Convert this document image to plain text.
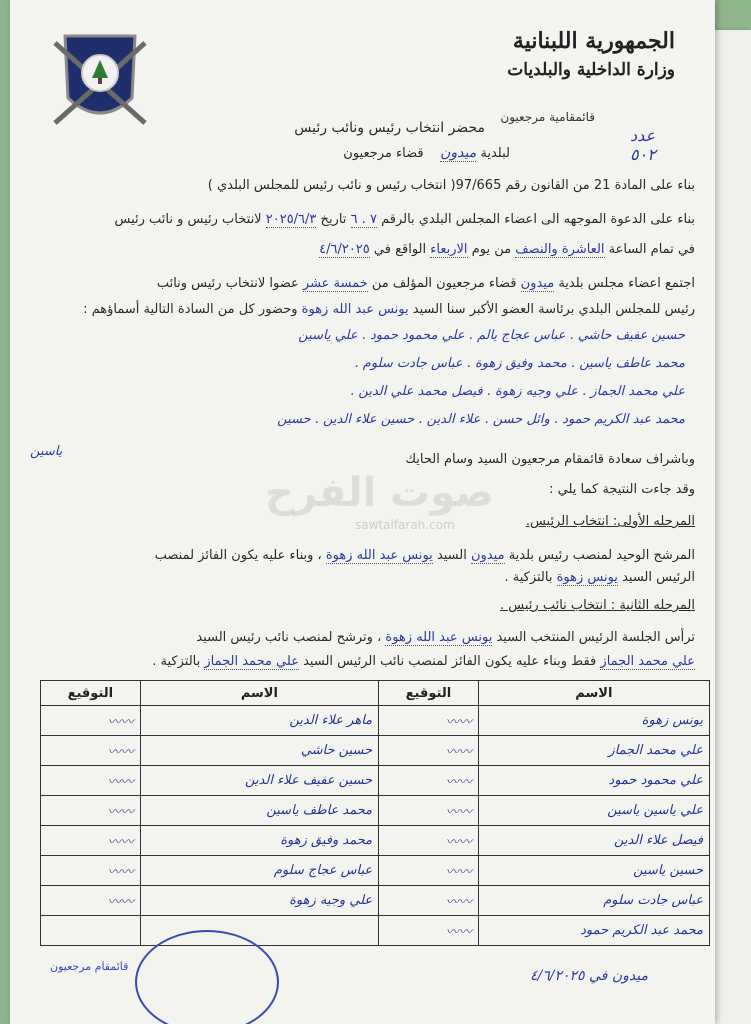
الجمهورية اللبنانية
وزارة الداخلية والبلديات
قائمقامية مرجعيون
عدد
٥٠٢
محضر انتخاب رئيس ونائب رئيس
لبلدية ميدون    قضاء مرجعيون
بناء على المادة 21 من القانون رقم 97/665( انتخاب رئيس و نائب رئيس للمجلس البلدي )
بناء على الدعوة الموجهه الى اعضاء المجلس البلدي بالرقم ٧ . ٦ تاريخ ٢٠٢٥/٦/٣ لانتخاب رئيس و نائب رئيس
في تمام الساعة العاشرة والنصف من يوم الاربعاء الواقع في ٤/٦/٢٠٢٥
اجتمع اعضاء مجلس بلدية ميدون قضاء مرجعيون المؤلف من خمسة عشر عضوا لانتخاب رئيس ونائب
رئيس للمجلس البلدي برئاسة العضو الأكبر سنا السيد يونس عبد الله زهوة وحضور كل من السادة التالية أسماؤهم :
حسين عفيف حاشي . عباس عجاج يالم . علي محمود حمود . علي ياسين
محمد عاطف ياسين . محمد وفيق زهوة . عباس جادت سلوم .
علي محمد الجماز . علي وجيه زهوة . فيصل محمد علي الدين .
محمد عبد الكريم حمود . وائل حسن . علاء الدين . حسين علاء الدين . حسين
ياسين
وباشراف سعادة قائمقام مرجعيون السيد وسام الحايك
وقد جاءت النتيجة كما يلي :
صوت الفرح
sawtalfarah.com	المرحله الأولى: انتخاب الرئيس.
المرشح الوحيد لمنصب رئيس بلدية ميدون السيد يونس عبد الله زهوة ، وبناء عليه يكون الفائز لمنصب
الرئيس السيد يونس زهوة بالتزكية .
المرحله الثانية : انتخاب نائب رئيس .
ترأس الجلسة الرئيس المنتخب السيد يونس عبد الله زهوة ، وترشح لمنصب نائب رئيس السيد
علي محمد الجماز فقط وبناء عليه يكون الفائز لمنصب نائب الرئيس السيد علي محمد الجماز بالتزكية .
الاسم	التوقيع	الاسم	التوقيع
يونس زهوة	〰〰	ماهر علاء الدين	〰〰
علي محمد الجماز	〰〰	حسين حاشي	〰〰
علي محمود حمود	〰〰	حسين عفيف علاء الدين	〰〰
علي ياسين ياسين	〰〰	محمد عاطف ياسين	〰〰
فيصل علاء الدين	〰〰	محمد وفيق زهوة	〰〰
حسين ياسين	〰〰	عباس عجاج سلوم	〰〰
عباس جادت سلوم	〰〰	علي وجيه زهوة	〰〰
محمد عبد الكريم حمود	〰〰		
قائمقام مرجعيون
ميدون في ٤/٦/٢٠٢٥
